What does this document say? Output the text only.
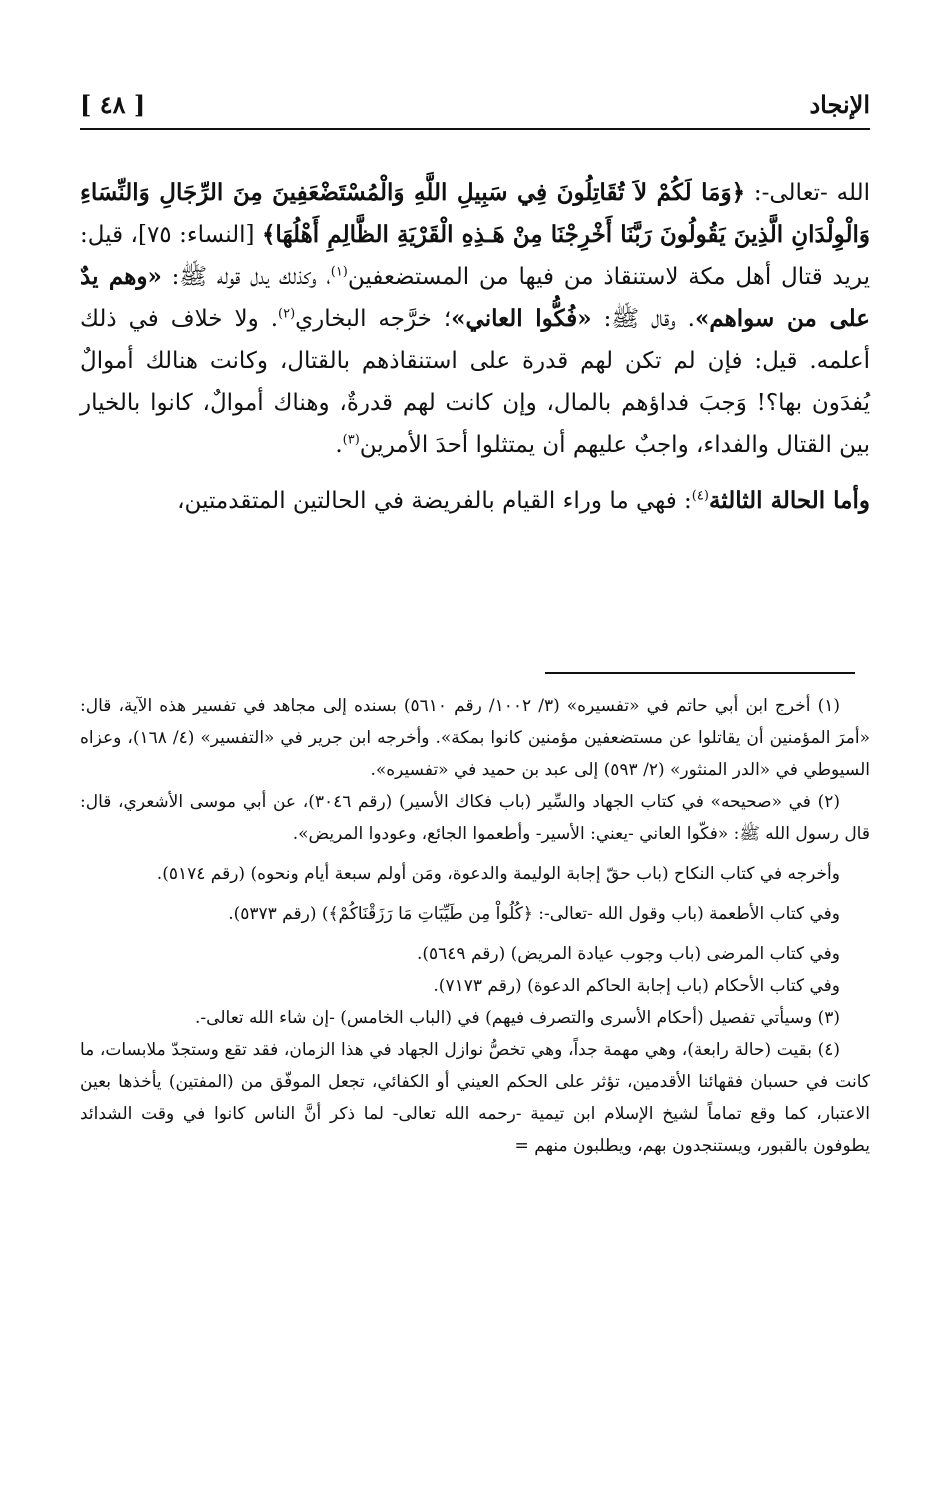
الإنجاد
[ ٤٨ ]

الله -تعالى-: ﴿وَمَا لَكُمْ لاَ تُقَاتِلُونَ فِي سَبِيلِ اللَّهِ وَالْمُسْتَضْعَفِينَ مِنَ الرِّجَالِ وَالنِّسَاءِ وَالْوِلْدَانِ الَّذِينَ يَقُولُونَ رَبَّنَا أَخْرِجْنَا مِنْ هَـذِهِ الْقَرْيَةِ الظَّالِمِ أَهْلُهَا﴾ [النساء: ٧٥]، قيل: يريد قتال أهل مكة لاستنقاذ من فيها من المستضعفين$^{(١)}$، وكذلك يدل قوله ﷺ: «وهم يدٌ على من سواهم». وقال ﷺ: «فُكُّوا العاني»؛ خرَّجه البخاري$^{(٢)}$. ولا خلاف في ذلك أعلمه. قيل: فإن لم تكن لهم قدرة على استنقاذهم بالقتال، وكانت هنالك أموالٌ يُفدَون بها؟! وَجبَ فداؤهم بالمال، وإن كانت لهم قدرةٌ، وهناك أموالٌ، كانوا بالخيار بين القتال والفداء، واجبٌ عليهم أن يمتثلوا أحدَ الأمرين$^{(٣)}$.

وأما الحالة الثالثة$^{(٤)}$: فهي ما وراء القيام بالفريضة في الحالتين المتقدمتين،

(١) أخرج ابن أبي حاتم في «تفسيره» (٣/ ١٠٠٢/ رقم ٥٦١٠) بسنده إلى مجاهد في تفسير هذه الآية، قال: «أمرَ المؤمنين أن يقاتلوا عن مستضعفين مؤمنين كانوا بمكة». وأخرجه ابن جرير في «التفسير» (٤/ ١٦٨)، وعزاه السيوطي في «الدر المنثور» (٢/ ٥٩٣) إلى عبد بن حميد في «تفسيره».

(٢) في «صحيحه» في كتاب الجهاد والسِّير (باب فكاك الأسير) (رقم ٣٠٤٦)، عن أبي موسى الأشعري، قال: قال رسول الله ﷺ: «فكّوا العاني -يعني: الأسير- وأطعموا الجائع، وعودوا المريض».

وأخرجه في كتاب النكاح (باب حقّ إجابة الوليمة والدعوة، ومَن أولم سبعة أيام ونحوه) (رقم ٥١٧٤).

وفي كتاب الأطعمة (باب وقول الله -تعالى-: ﴿كُلُواْ مِن طَيِّبَاتِ مَا رَزَقْنَاكُمْ﴾) (رقم ٥٣٧٣).

وفي كتاب المرضى (باب وجوب عيادة المريض) (رقم ٥٦٤٩).

وفي كتاب الأحكام (باب إجابة الحاكم الدعوة) (رقم ٧١٧٣).

(٣) وسيأتي تفصيل (أحكام الأسرى والتصرف فيهم) في (الباب الخامس) -إن شاء الله تعالى-.

(٤) بقيت (حالة رابعة)، وهي مهمة جداً، وهي تخصُّ نوازل الجهاد في هذا الزمان، فقد تقع وستجدّ ملابسات، ما كانت في حسبان فقهائنا الأقدمين، تؤثر على الحكم العيني أو الكفائي، تجعل الموفّق من (المفتين) يأخذها بعين الاعتبار، كما وقع تماماً لشيخ الإسلام ابن تيمية -رحمه الله تعالى- لما ذكر أنَّ الناس كانوا في وقت الشدائد يطوفون بالقبور، ويستنجدون بهم، ويطلبون منهم =
